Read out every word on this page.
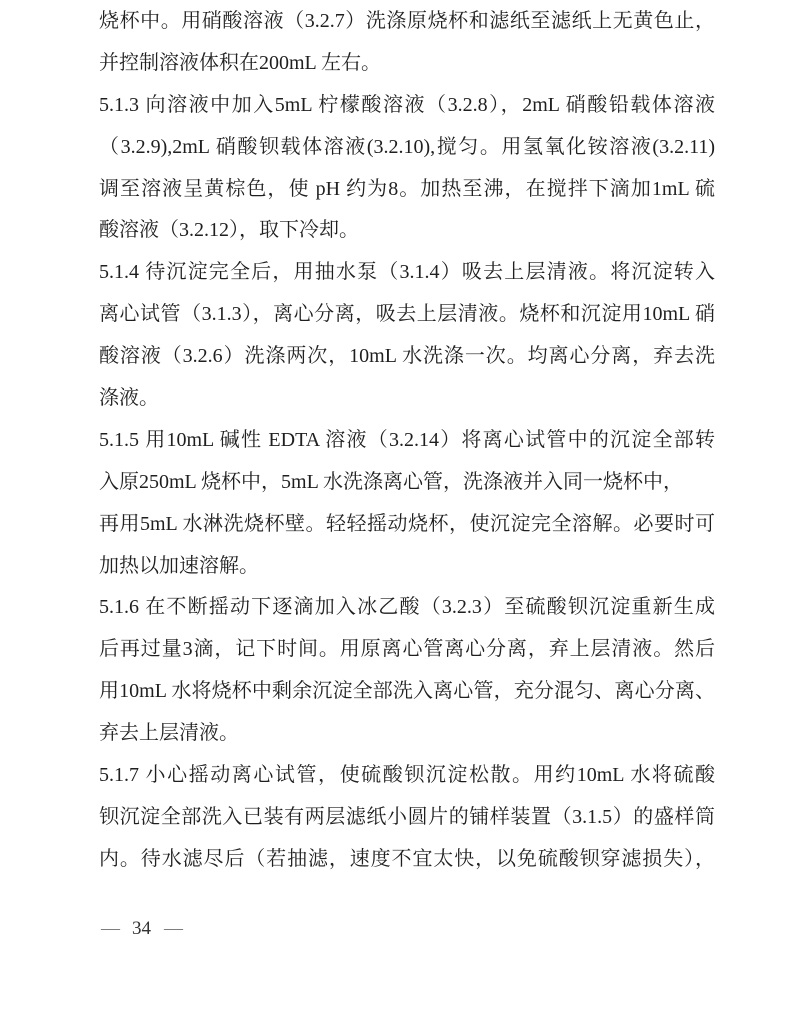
烧杯中。用硝酸溶液（3.2.7）洗涤原烧杯和滤纸至滤纸上无黄色止，
并控制溶液体积在200mL 左右。
5.1.3 向溶液中加入5mL 柠檬酸溶液（3.2.8），2mL 硝酸铅载体溶液
（3.2.9),2mL 硝酸钡载体溶液(3.2.10),搅匀。用氢氧化铵溶液(3.2.11)
调至溶液呈黄棕色，使 pH 约为8。加热至沸，在搅拌下滴加1mL 硫
酸溶液（3.2.12），取下冷却。
5.1.4 待沉淀完全后，用抽水泵（3.1.4）吸去上层清液。将沉淀转入
离心试管（3.1.3），离心分离，吸去上层清液。烧杯和沉淀用10mL 硝
酸溶液（3.2.6）洗涤两次，10mL 水洗涤一次。均离心分离，弃去洗
涤液。
5.1.5 用10mL 碱性 EDTA 溶液（3.2.14）将离心试管中的沉淀全部转
入原250mL 烧杯中，5mL 水洗涤离心管，洗涤液并入同一烧杯中，
再用5mL 水淋洗烧杯壁。轻轻摇动烧杯，使沉淀完全溶解。必要时可
加热以加速溶解。
5.1.6 在不断摇动下逐滴加入冰乙酸（3.2.3）至硫酸钡沉淀重新生成
后再过量3滴，记下时间。用原离心管离心分离，弃上层清液。然后
用10mL 水将烧杯中剩余沉淀全部洗入离心管，充分混匀、离心分离、
弃去上层清液。
5.1.7 小心摇动离心试管，使硫酸钡沉淀松散。用约10mL 水将硫酸
钡沉淀全部洗入已装有两层滤纸小圆片的铺样装置（3.1.5）的盛样筒
内。待水滤尽后（若抽滤，速度不宜太快，以免硫酸钡穿滤损失），
— 34 —
